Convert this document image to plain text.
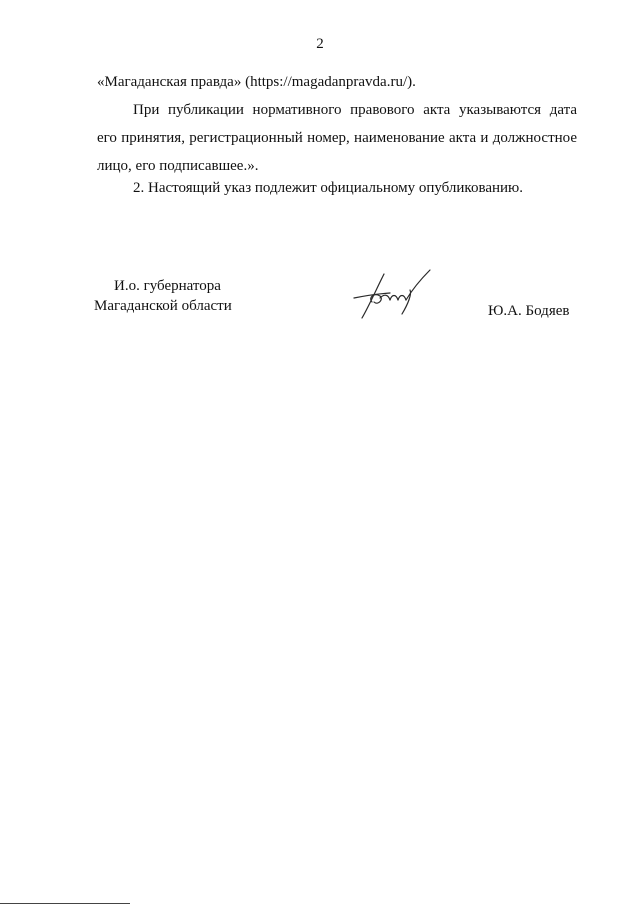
2
«Магаданская правда» (https://magadanpravda.ru/).
При публикации нормативного правового акта указываются дата
его принятия, регистрационный номер, наименование акта и должностное
лицо, его подписавшее.».
2. Настоящий указ подлежит официальному опубликованию.
И.о. губернатора
Магаданской области	Ю.А. Бодяев
